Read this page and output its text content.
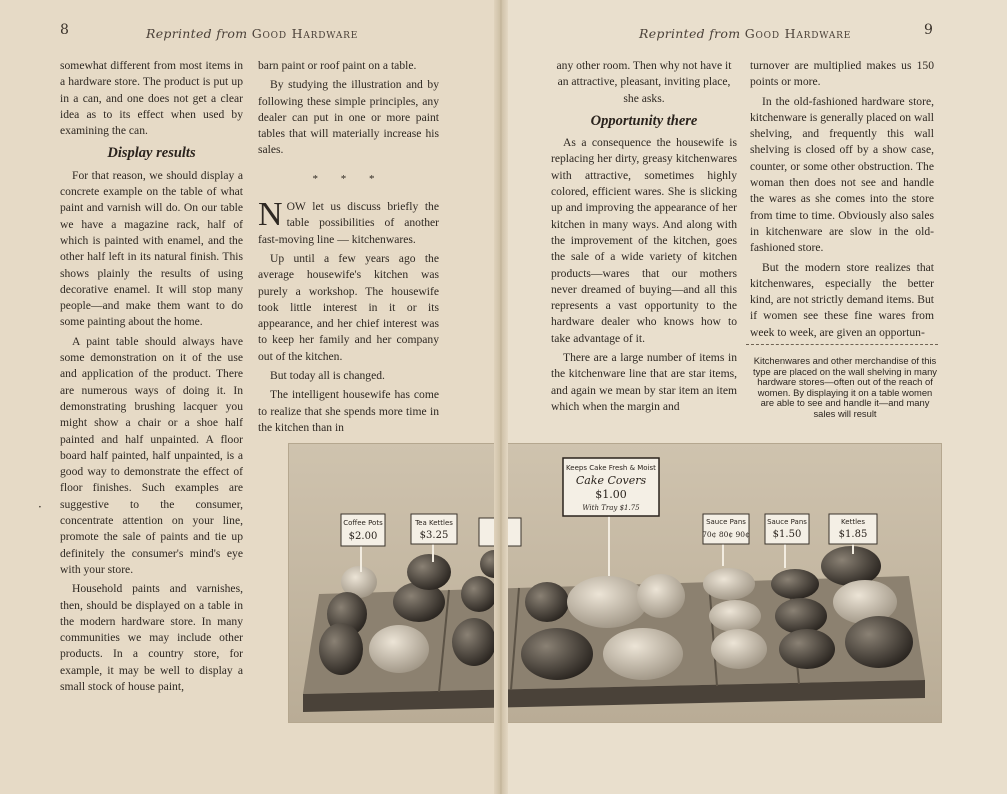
8	Reprinted from Good Hardware

somewhat different from most items in a hardware store. The product is put up in a can, and one does not get a clear idea as to its effect when used by examining the can.

Display results

For that reason, we should display a concrete example on the table of what paint and varnish will do. On our table we have a magazine rack, half of which is painted with enamel, and the other half left in its natural finish. This shows plainly the results of using decorative enamel. It will stop many people—and make them want to do some painting about the home.

A paint table should always have some demonstration on it of the use and application of the product. There are numerous ways of doing it. In demonstrating brushing lacquer you might show a chair or a shoe half painted and half unpainted. A floor board half painted, half unpainted, is a good way to demonstrate the effect of floor finishes. Such examples are suggestive to the consumer, concentrate attention on your line, promote the sale of paints and tie up definitely the consumer's mind's eye with your store.

Household paints and varnishes, then, should be displayed on a table in the modern hardware store. In many communities we may include other products. In a country store, for example, it may be well to display a small stock of house paint,

barn paint or roof paint on a table.

By studying the illustration and by following these simple principles, any dealer can put in one or more paint tables that will materially increase his sales.

* * *

N OW let us discuss briefly the table possibilities of another fast-moving line — kitchenwares.

Up until a few years ago the average housewife's kitchen was purely a workshop. The housewife took little interest in it or its appearance, and her chief interest was to keep her family and her company out of the kitchen.

But today all is changed.

The intelligent housewife has come to realize that she spends more time in the kitchen than in

·
Reprinted from Good Hardware	9

any other room. Then why not have it an attractive, pleasant, inviting place, she asks.

Opportunity there

As a consequence the housewife is replacing her dirty, greasy kitchenwares with attractive, sometimes highly colored, efficient wares. She is slicking up and improving the appearance of her kitchen in many ways. And along with the improvement of the kitchen, goes the sale of a wide variety of kitchen products—wares that our mothers never dreamed of buying—and all this represents a vast opportunity to the hardware dealer who knows how to take advantage of it.

There are a large number of items in the kitchenware line that are star items, and again we mean by star item an item which when the margin and

turnover are multiplied makes us 150 points or more.

In the old-fashioned hardware store, kitchenware is generally placed on wall shelving, and frequently this wall shelving is closed off by a show case, counter, or some other obstruction. The woman then does not see and handle the wares as she comes into the store from time to time. Obviously also sales in kitchenware are slow in the old-fashioned store.

But the modern store realizes that kitchenwares, especially the better kind, are not strictly demand items. But if women see these fine wares from week to week, are given an opportun-

Kitchenwares and other merchandise of this type are placed on the wall shelving in many hardware stores—often out of the reach of women. By displaying it on a table women are able to see and handle it—and many sales will result
Coffee Pots
$2.00
Tea Kettles
$3.25
Keeps Cake Fresh & Moist
Cake Covers
$1.00
With Tray $1.75
Sauce Pans
70¢ 80¢ 90¢
Sauce Pans
$1.50
Kettles
$1.85
